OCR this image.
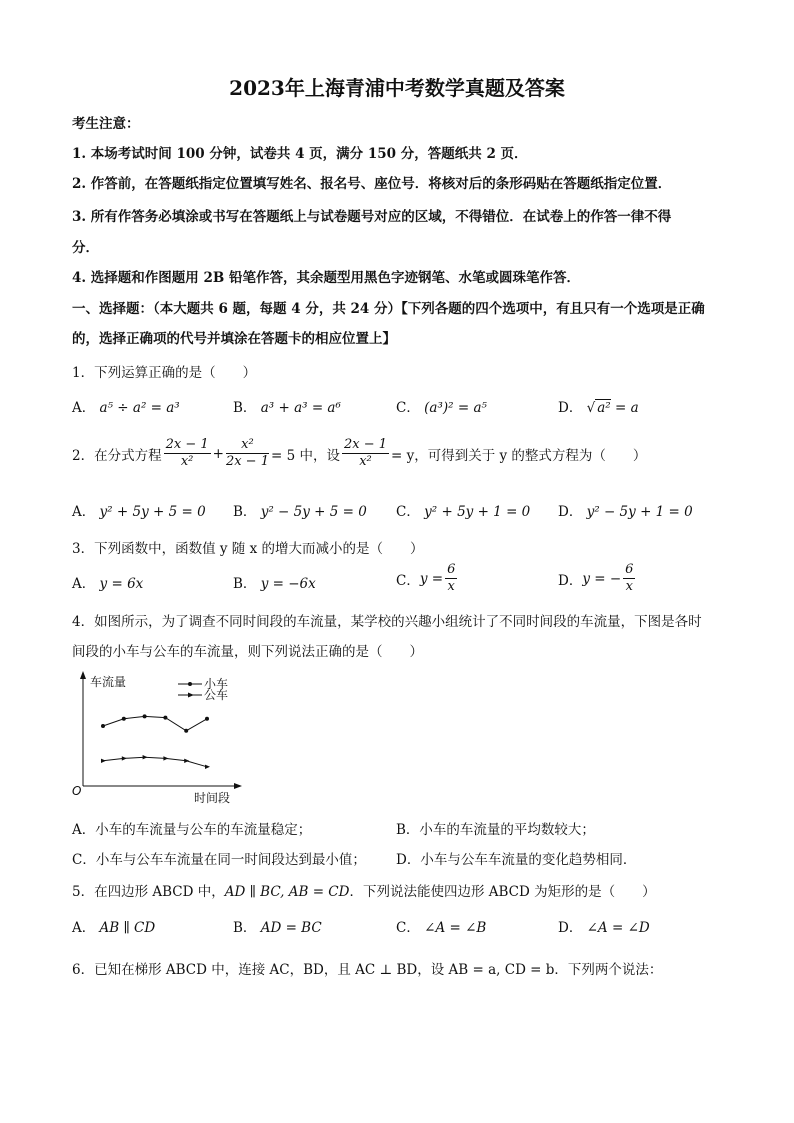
2023年上海青浦中考数学真题及答案
考生注意：
1. 本场考试时间 100 分钟，试卷共 4 页，满分 150 分，答题纸共 2 页．
2. 作答前，在答题纸指定位置填写姓名、报名号、座位号．将核对后的条形码贴在答题纸指定位置．
3. 所有作答务必填涂或书写在答题纸上与试卷题号对应的区域，不得错位．在试卷上的作答一律不得
分．
4. 选择题和作图题用 2B 铅笔作答，其余题型用黑色字迹钢笔、水笔或圆珠笔作答．
一、选择题：（本大题共 6 题，每题 4 分，共 24 分）【下列各题的四个选项中，有且只有一个选项是正确
的，选择正确项的代号并填涂在答题卡的相应位置上】
1．下列运算正确的是（　　）
A． a⁵ ÷ a² = a³	B． a³ + a³ = a⁶	C． (a³)² = a⁵	D． √ a² = a
2．在分式方程 $\frac{2x - 1}{\text{x²}} + \frac{\text{x²}}{2x - 1} = 5$ 中，设 $\frac{2x - 1}{\text{x²}} = y$，可得到关于 y 的整式方程为（　　）
A． y² + 5y + 5 = 0 B． y² − 5y + 5 = 0 C． y² + 5y + 1 = 0 D． y² − 5y + 1 = 0
3．下列函数中，函数值 y 随 x 的增大而减小的是（　　）
A． y = 6x	B． y = −6x	C． $y = \frac{6}{x}$	D． y = − $\frac{6}{x}$
4．如图所示，为了调查不同时间段的车流量，某学校的兴趣小组统计了不同时间段的车流量，下图是各时
间段的小车与公车的车流量，则下列说法正确的是（　　）
车流量
时间段
O
小车
公车
A．小车的车流量与公车的车流量稳定；	B．小车的车流量的平均数较大；
C．小车与公车车流量在同一时间段达到最小值； D．小车与公车车流量的变化趋势相同．
5．在四边形 ABCD 中，AD ∥ BC, AB = CD．下列说法能使四边形 ABCD 为矩形的是（　　）
A． AB ∥ CD	B． AD = BC	C． ∠A = ∠B	D． ∠A = ∠D
6．已知在梯形 ABCD 中，连接 AC，BD，且 AC ⊥ BD，设 AB = a, CD = b．下列两个说法：
